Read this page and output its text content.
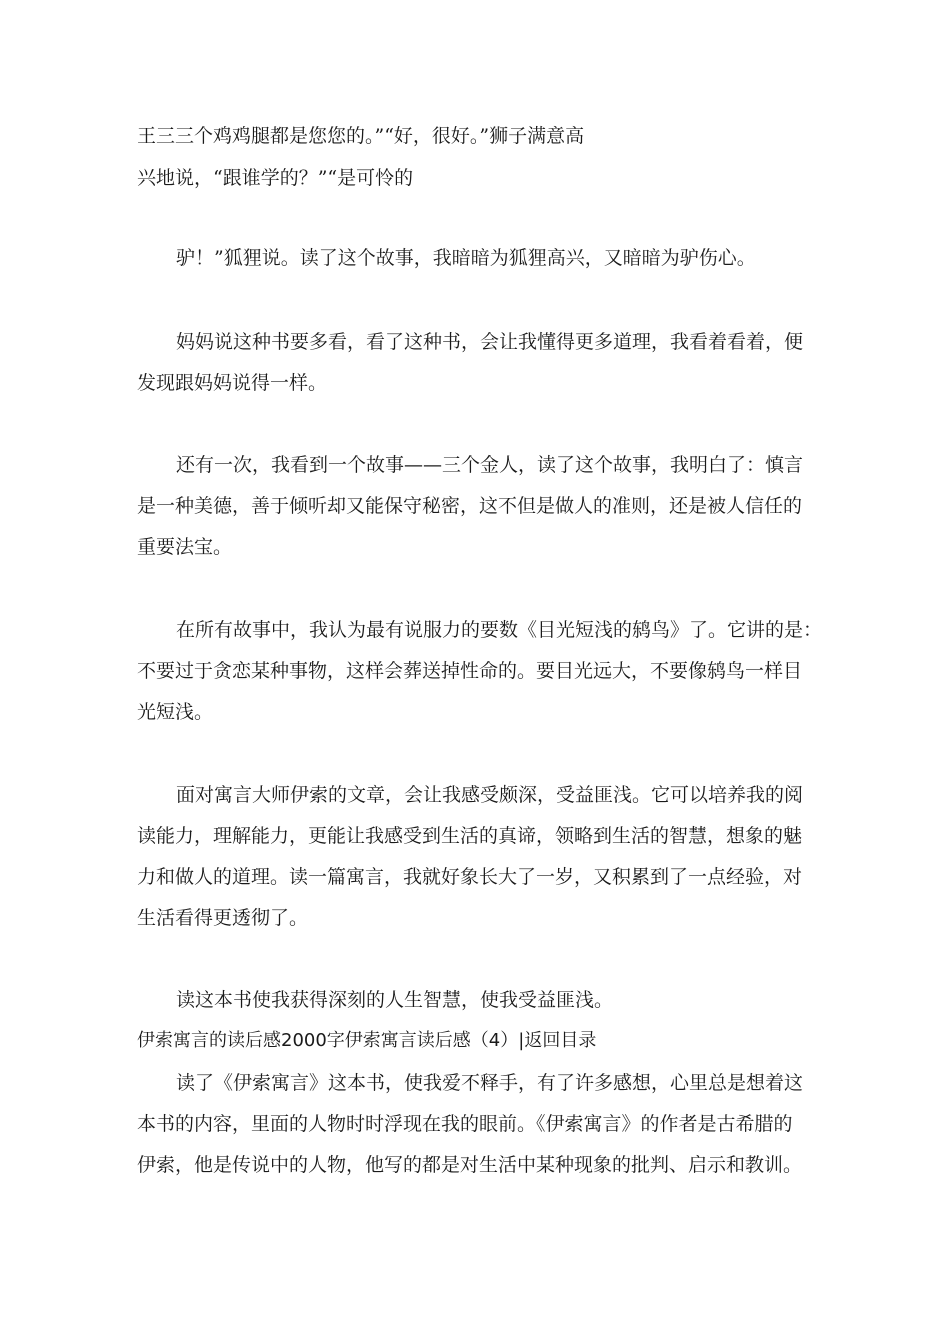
王三三个鸡鸡腿都是您您的。”“好，很好。”狮子满意高

兴地说，“跟谁学的？”“是可怜的

驴！”狐狸说。读了这个故事，我暗暗为狐狸高兴，又暗暗为驴伤心。

妈妈说这种书要多看，看了这种书，会让我懂得更多道理，我看着看着，便

发现跟妈妈说得一样。

还有一次，我看到一个故事——三个金人，读了这个故事，我明白了：慎言

是一种美德，善于倾听却又能保守秘密，这不但是做人的准则，还是被人信任的

重要法宝。

在所有故事中，我认为最有说服力的要数《目光短浅的鸫鸟》了。它讲的是：

不要过于贪恋某种事物，这样会葬送掉性命的。要目光远大，不要像鸫鸟一样目

光短浅。

面对寓言大师伊索的文章，会让我感受颇深，受益匪浅。它可以培养我的阅

读能力，理解能力，更能让我感受到生活的真谛，领略到生活的智慧，想象的魅

力和做人的道理。读一篇寓言，我就好象长大了一岁，又积累到了一点经验，对

生活看得更透彻了。

读这本书使我获得深刻的人生智慧，使我受益匪浅。

伊索寓言的读后感2000字伊索寓言读后感（4）|返回目录

读了《伊索寓言》这本书，使我爱不释手，有了许多感想，心里总是想着这

本书的内容，里面的人物时时浮现在我的眼前。《伊索寓言》的作者是古希腊的

伊索，他是传说中的人物，他写的都是对生活中某种现象的批判、启示和教训。
